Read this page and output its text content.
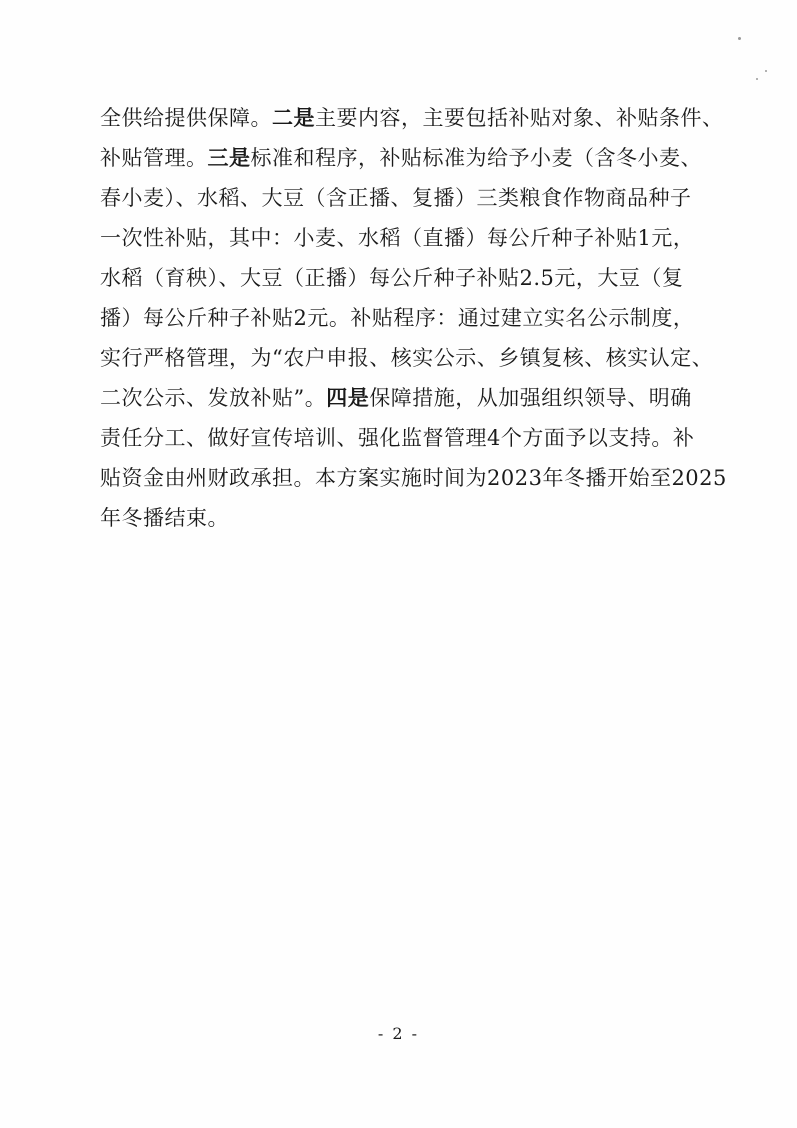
全供给提供保障。二是主要内容，主要包括补贴对象、补贴条件、
补贴管理。三是标准和程序，补贴标准为给予小麦（含冬小麦、
春小麦）、水稻、大豆（含正播、复播）三类粮食作物商品种子
一次性补贴，其中：小麦、水稻（直播）每公斤种子补贴1元，
水稻（育秧）、大豆（正播）每公斤种子补贴2.5元，大豆（复
播）每公斤种子补贴2元。补贴程序：通过建立实名公示制度，
实行严格管理，为“农户申报、核实公示、乡镇复核、核实认定、
二次公示、发放补贴”。四是保障措施，从加强组织领导、明确
责任分工、做好宣传培训、强化监督管理4个方面予以支持。补
贴资金由州财政承担。本方案实施时间为2023年冬播开始至2025
年冬播结束。
- 2 -
